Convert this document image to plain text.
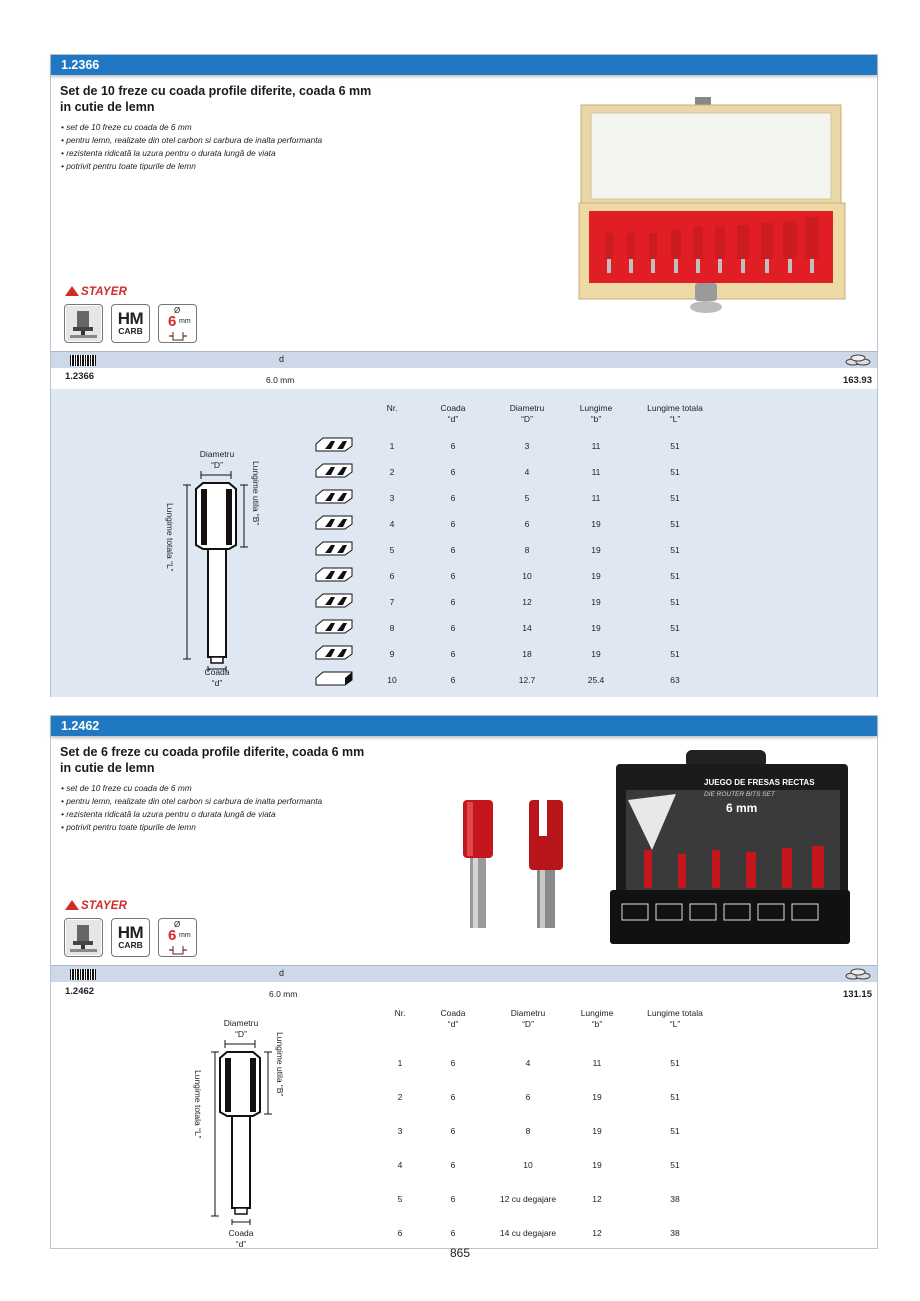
1.2366
Set de 10 freze cu coada profile diferite, coada 6 mm
in cutie de lemn
• set de 10 freze cu coada de 6 mm
• pentru lemn, realizate din otel carbon si carbura de inalta performanta
• rezistenta ridicată la uzura pentru o durata lungă de viata
• potrivit pentru toate tipurile de lemn
STAYER
HM
CARB
Ø
6 mm
d
1.2366	6.0 mm	163.93
Diametru
“D”	Lungime utila “B”
Lungime totala “L”
Coada
“d”
Nr.	Coada
“d”
Diametru
“D”
Lungime
“b”
Lungime totala
“L”
1	6	3	11	51
2	6	4	11	51
3	6	5	11	51
4	6	6	19	51
5	6	8	19	51
6	6	10	19	51
7	6	12	19	51
8	6	14	19	51
9	6	18	19	51
10	6	12.7	25.4	63
1.2462
Set de 6 freze cu coada profile diferite, coada 6 mm
in cutie de lemn
• set de 10 freze cu coada de 6 mm
• pentru lemn, realizate din otel carbon si carbura de inalta performanta
• rezistenta ridicată la uzura pentru o durata lungă de viata
• potrivit pentru toate tipurile de lemn
STAYER
HM
CARB
Ø
6 mm
JUEGO DE FRESAS RECTAS
DIE ROUTER BITS SET
6 mm
d
1.2462	6.0 mm	131.15
Diametru
“D”	Lungime utila “B”
Lungime totala “L”
Coada
“d”
Nr.	Coada
“d”
Diametru
“D”
Lungime
“b”
Lungime totala
“L”
1	6	4	11	51
2	6	6	19	51
3	6	8	19	51
4	6	10	19	51
5	6	12 cu degajare	12	38
6	6	14 cu degajare	12	38
865
